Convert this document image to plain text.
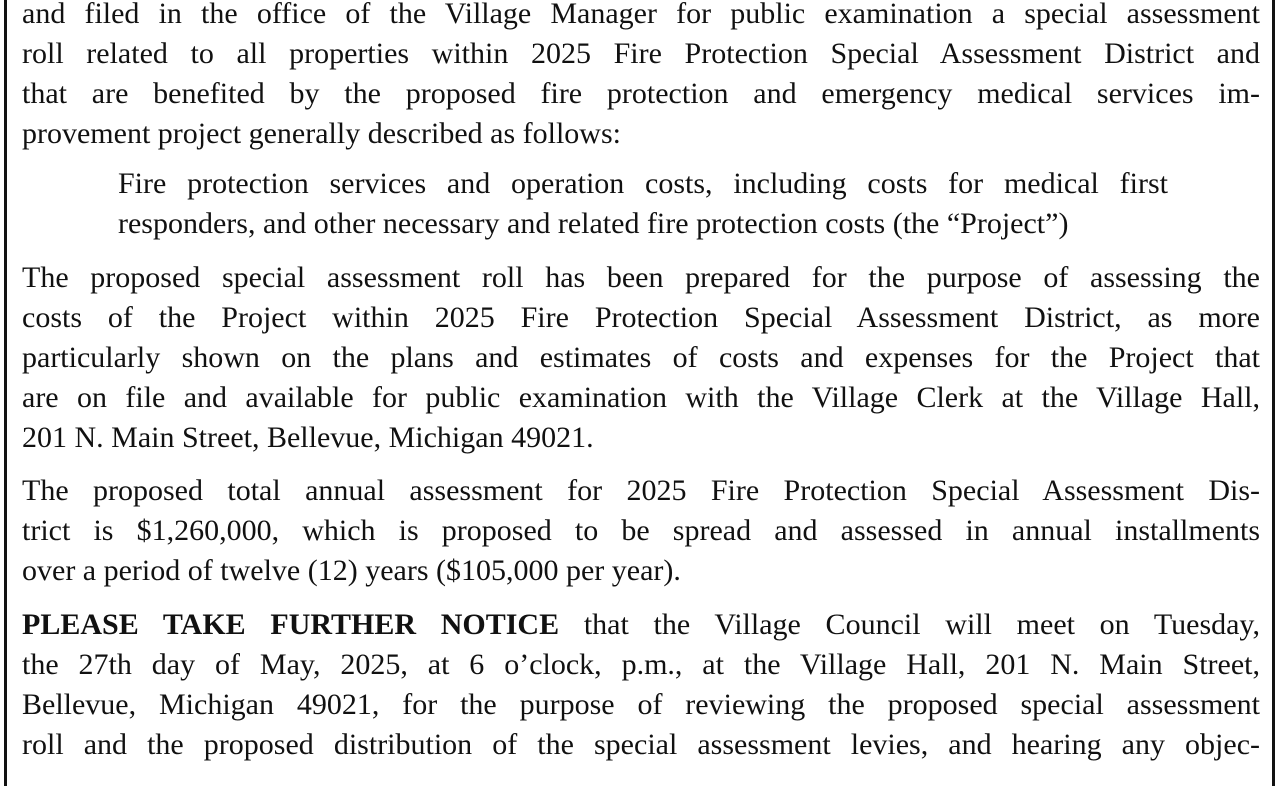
and filed in the office of the Village Manager for public examination a special assessment
roll related to all properties within 2025 Fire Protection Special Assessment District and
that are benefited by the proposed fire protection and emergency medical services im-
provement project generally described as follows:
Fire protection services and operation costs, including costs for medical first
responders, and other necessary and related fire protection costs (the “Project”)
The proposed special assessment roll has been prepared for the purpose of assessing the
costs of the Project within 2025 Fire Protection Special Assessment District, as more
particularly shown on the plans and estimates of costs and expenses for the Project that
are on file and available for public examination with the Village Clerk at the Village Hall,
201 N. Main Street, Bellevue, Michigan 49021.
The proposed total annual assessment for 2025 Fire Protection Special Assessment Dis-
trict is $1,260,000, which is proposed to be spread and assessed in annual installments
over a period of twelve (12) years ($105,000 per year).
PLEASE TAKE FURTHER NOTICE that the Village Council will meet on Tuesday,
the 27th day of May, 2025, at 6 o’clock, p.m., at the Village Hall, 201 N. Main Street,
Bellevue, Michigan 49021, for the purpose of reviewing the proposed special assessment
roll and the proposed distribution of the special assessment levies, and hearing any objec-
